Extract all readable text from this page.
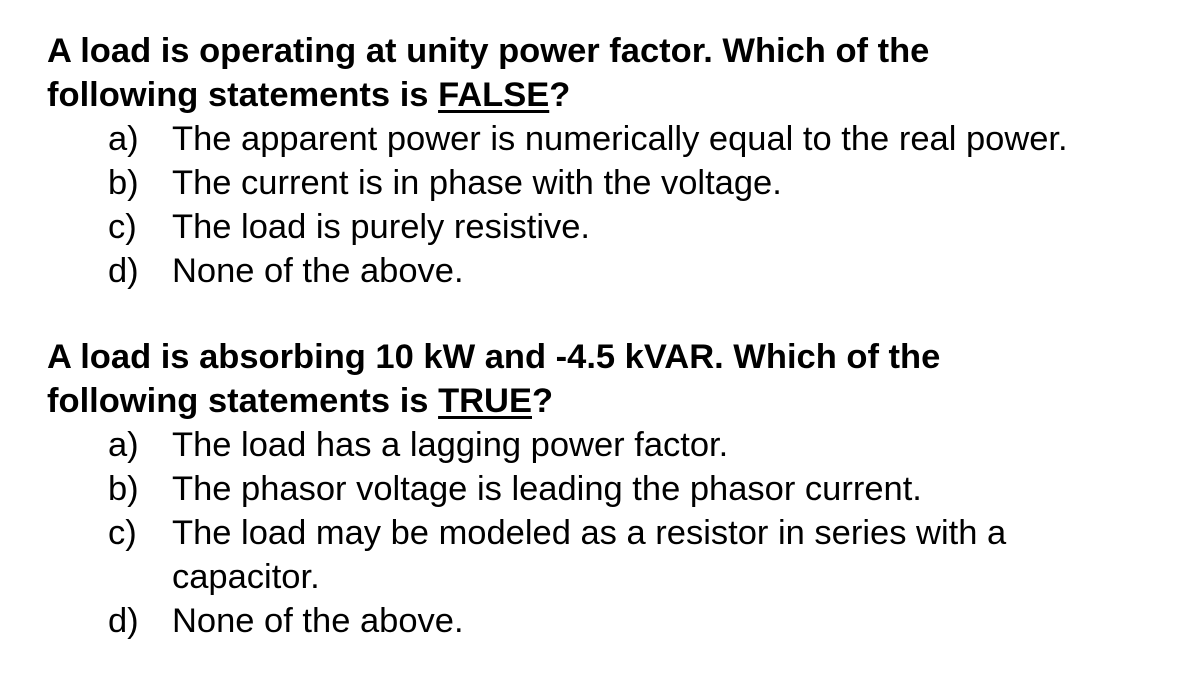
A load is operating at unity power factor. Which of the
following statements is FALSE?

a) The apparent power is numerically equal to the real power.
b) The current is in phase with the voltage.
c) The load is purely resistive.
d) None of the above.

A load is absorbing 10 kW and -4.5 kVAR. Which of the
following statements is TRUE?

a) The load has a lagging power factor.
b) The phasor voltage is leading the phasor current.
c) The load may be modeled as a resistor in series with a capacitor.
d) None of the above.
